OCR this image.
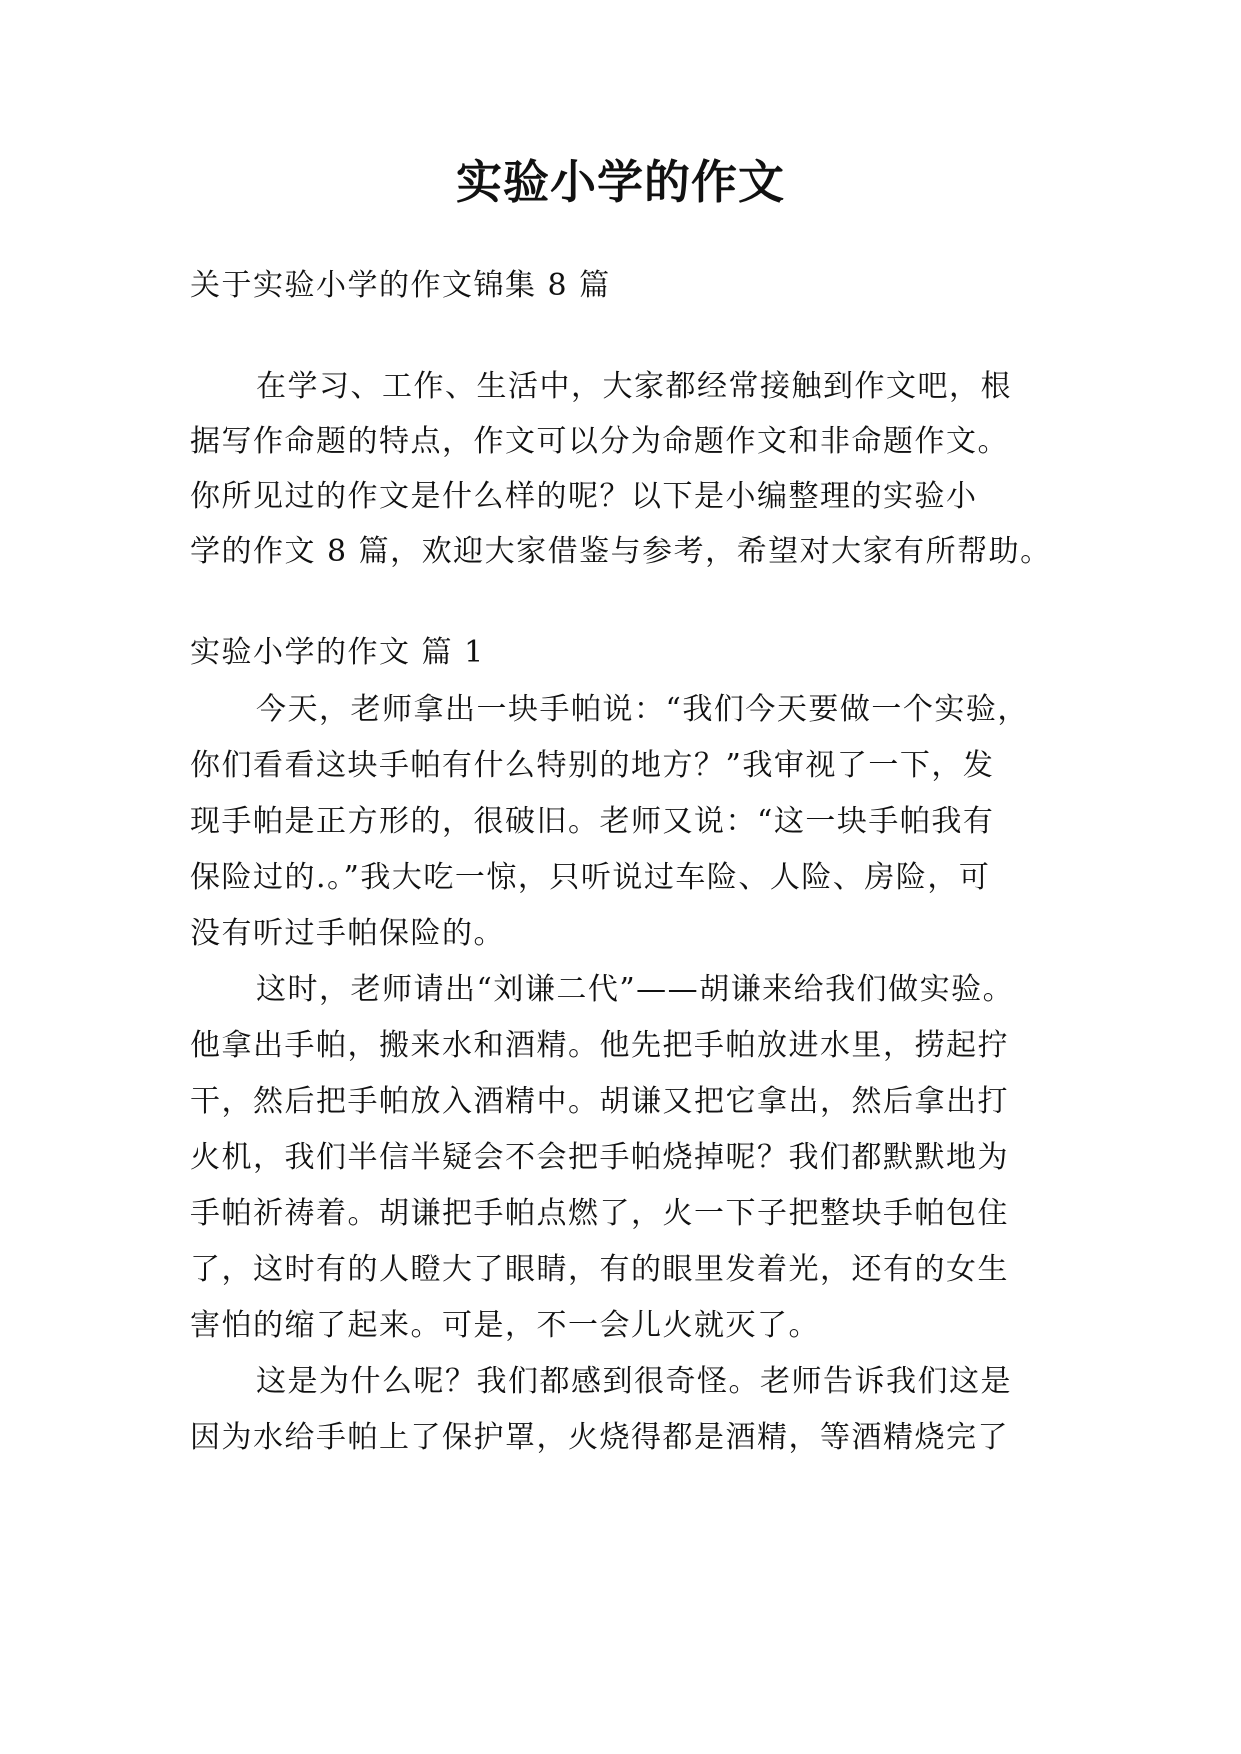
实验小学的作文
关于实验小学的作文锦集 8 篇
在学习、工作、生活中，大家都经常接触到作文吧，根
据写作命题的特点，作文可以分为命题作文和非命题作文。
你所见过的作文是什么样的呢？以下是小编整理的实验小
学的作文 8 篇，欢迎大家借鉴与参考，希望对大家有所帮助。
实验小学的作文 篇 1
今天，老师拿出一块手帕说：“我们今天要做一个实验，
你们看看这块手帕有什么特别的地方？”我审视了一下，发
现手帕是正方形的，很破旧。老师又说：“这一块手帕我有
保险过的.。”我大吃一惊，只听说过车险、人险、房险，可
没有听过手帕保险的。
这时，老师请出“刘谦二代”——胡谦来给我们做实验。
他拿出手帕，搬来水和酒精。他先把手帕放进水里，捞起拧
干，然后把手帕放入酒精中。胡谦又把它拿出，然后拿出打
火机，我们半信半疑会不会把手帕烧掉呢？我们都默默地为
手帕祈祷着。胡谦把手帕点燃了，火一下子把整块手帕包住
了，这时有的人瞪大了眼睛，有的眼里发着光，还有的女生
害怕的缩了起来。可是，不一会儿火就灭了。
这是为什么呢？我们都感到很奇怪。老师告诉我们这是
因为水给手帕上了保护罩，火烧得都是酒精，等酒精烧完了
